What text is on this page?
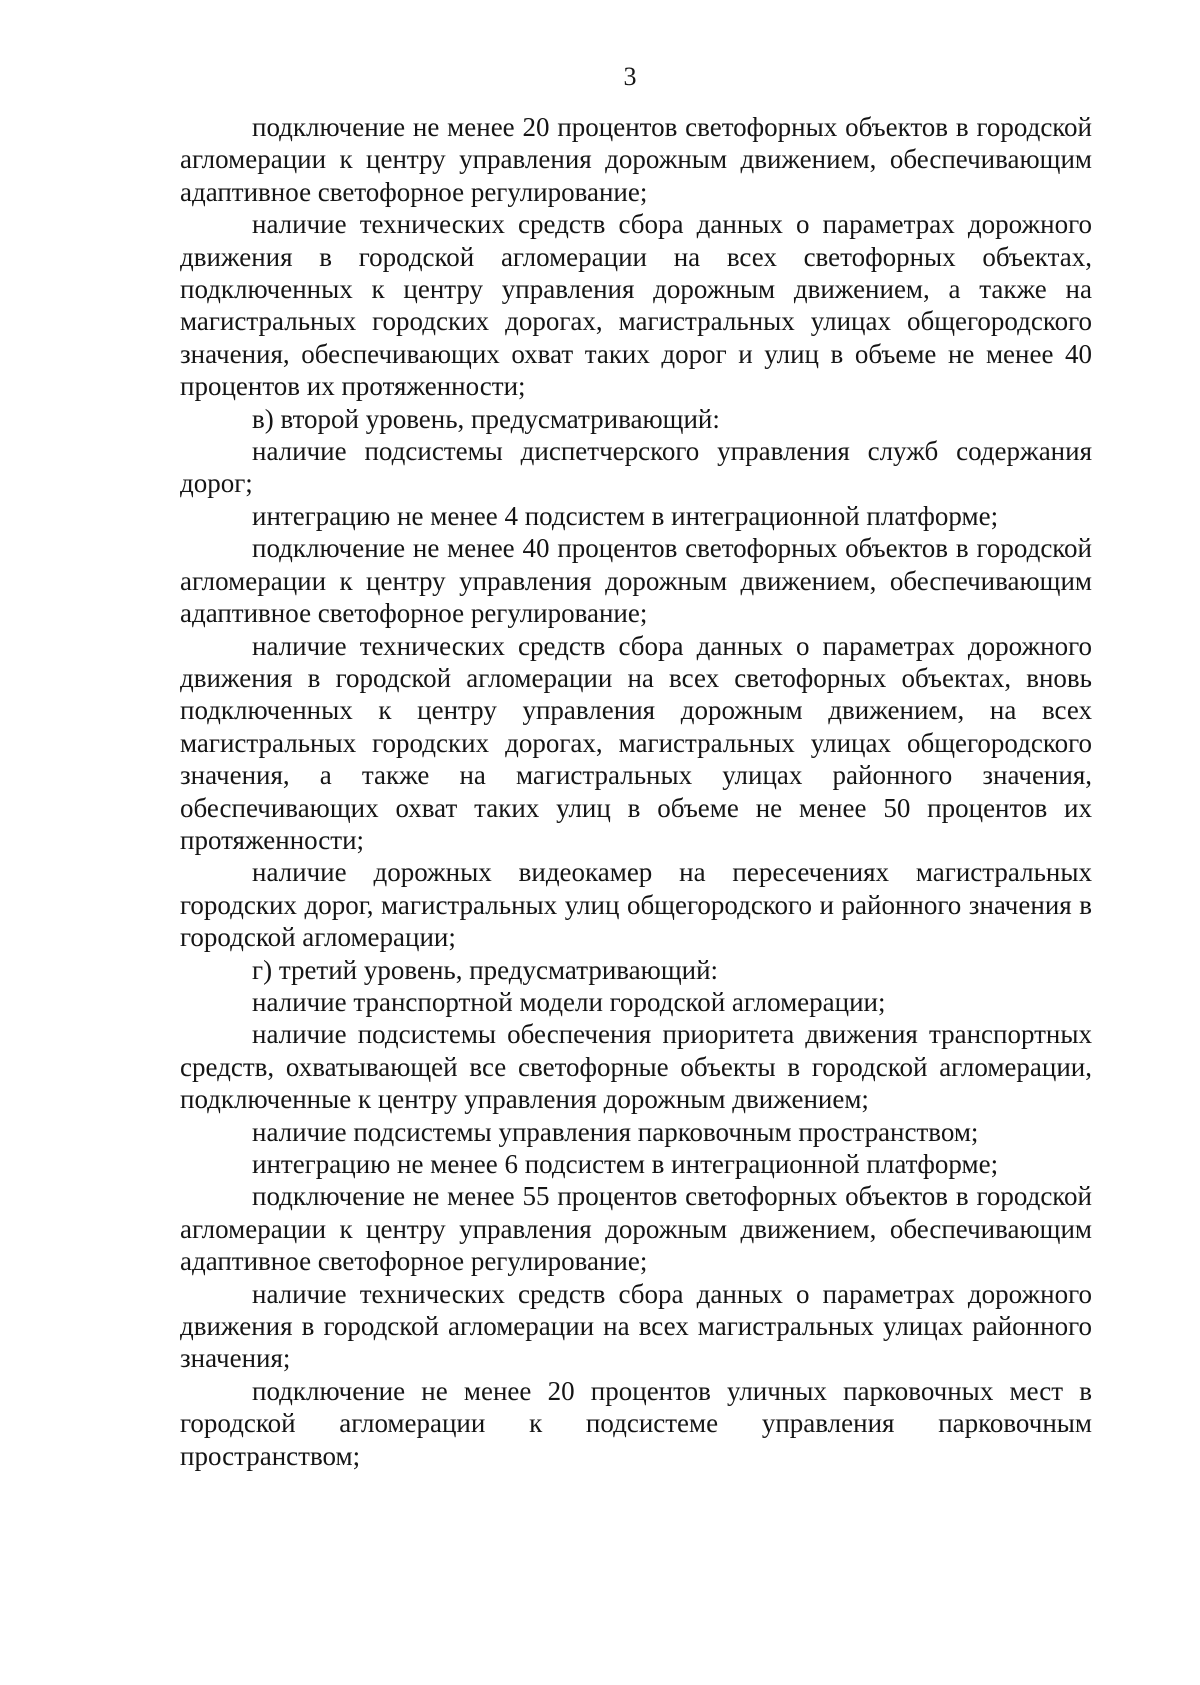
3

подключение не менее 20 процентов светофорных объектов в городской агломерации к центру управления дорожным движением, обеспечивающим адаптивное светофорное регулирование;

наличие технических средств сбора данных о параметрах дорожного движения в городской агломерации на всех светофорных объектах, подключенных к центру управления дорожным движением, а также на магистральных городских дорогах, магистральных улицах общегородского значения, обеспечивающих охват таких дорог и улиц в объеме не менее 40 процентов их протяженности;

в) второй уровень, предусматривающий:

наличие подсистемы диспетчерского управления служб содержания дорог;

интеграцию не менее 4 подсистем в интеграционной платформе;

подключение не менее 40 процентов светофорных объектов в городской агломерации к центру управления дорожным движением, обеспечивающим адаптивное светофорное регулирование;

наличие технических средств сбора данных о параметрах дорожного движения в городской агломерации на всех светофорных объектах, вновь подключенных к центру управления дорожным движением, на всех магистральных городских дорогах, магистральных улицах общегородского значения, а также на магистральных улицах районного значения, обеспечивающих охват таких улиц в объеме не менее 50 процентов их протяженности;

наличие дорожных видеокамер на пересечениях магистральных городских дорог, магистральных улиц общегородского и районного значения в городской агломерации;

г) третий уровень, предусматривающий:

наличие транспортной модели городской агломерации;

наличие подсистемы обеспечения приоритета движения транспортных средств, охватывающей все светофорные объекты в городской агломерации, подключенные к центру управления дорожным движением;

наличие подсистемы управления парковочным пространством;

интеграцию не менее 6 подсистем в интеграционной платформе;

подключение не менее 55 процентов светофорных объектов в городской агломерации к центру управления дорожным движением, обеспечивающим адаптивное светофорное регулирование;

наличие технических средств сбора данных о параметрах дорожного движения в городской агломерации на всех магистральных улицах районного значения;

подключение не менее 20 процентов уличных парковочных мест в городской агломерации к подсистеме управления парковочным пространством;
